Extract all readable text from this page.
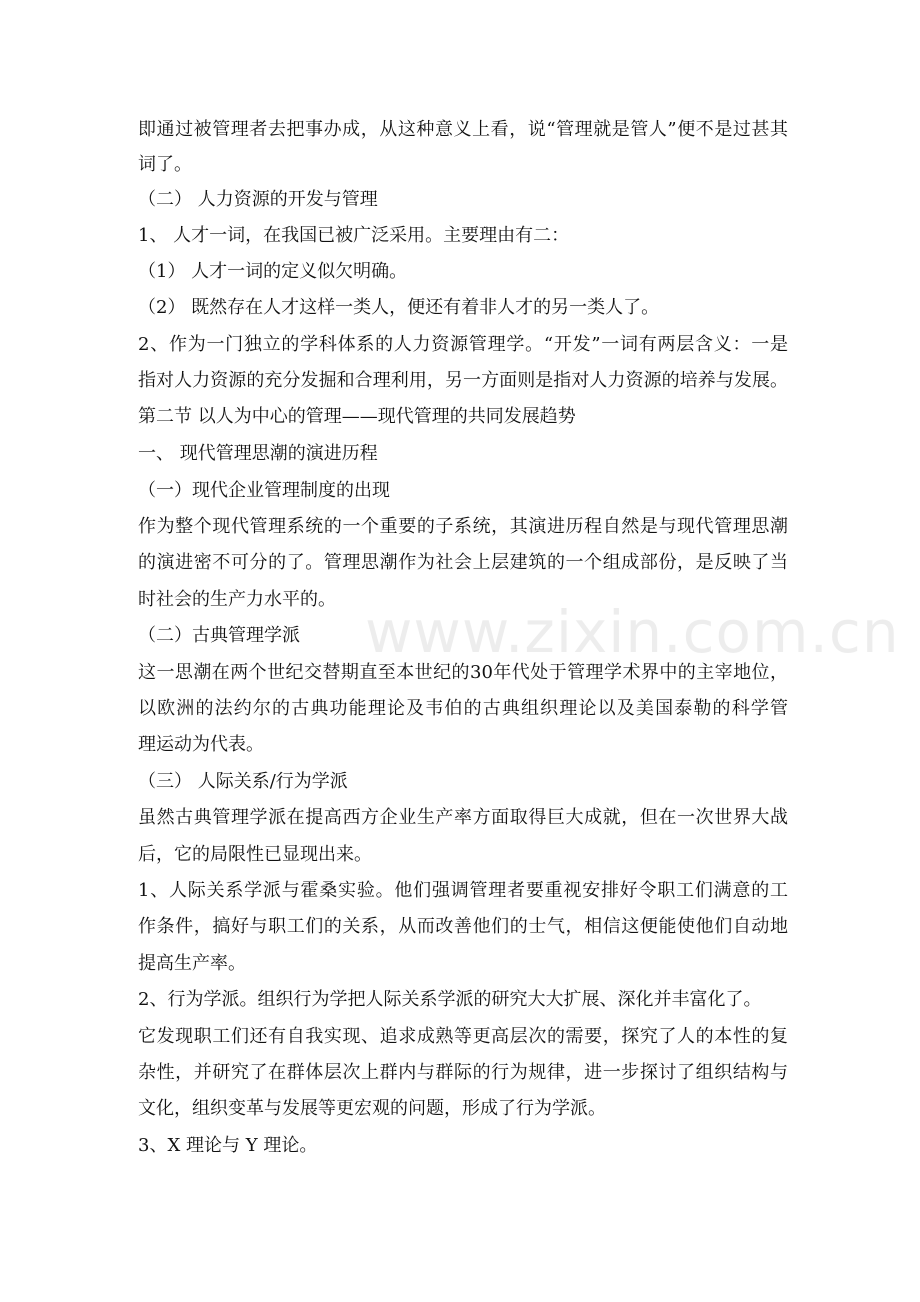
www.zixin.com.cn
即通过被管理者去把事办成，从这种意义上看，说“管理就是管人”便不是过甚其
词了。
（二） 人力资源的开发与管理
1、 人才一词，在我国已被广泛采用。主要理由有二：
（1） 人才一词的定义似欠明确。
（2） 既然存在人才这样一类人，便还有着非人才的另一类人了。
2、作为一门独立的学科体系的人力资源管理学。“开发”一词有两层含义：一是
指对人力资源的充分发掘和合理利用，另一方面则是指对人力资源的培养与发展。
第二节 以人为中心的管理——现代管理的共同发展趋势
一、 现代管理思潮的演进历程
（一）现代企业管理制度的出现
作为整个现代管理系统的一个重要的子系统，其演进历程自然是与现代管理思潮
的演进密不可分的了。管理思潮作为社会上层建筑的一个组成部份，是反映了当
时社会的生产力水平的。
（二）古典管理学派
这一思潮在两个世纪交替期直至本世纪的30年代处于管理学术界中的主宰地位，
以欧洲的法约尔的古典功能理论及韦伯的古典组织理论以及美国泰勒的科学管
理运动为代表。
（三） 人际关系/行为学派
虽然古典管理学派在提高西方企业生产率方面取得巨大成就，但在一次世界大战
后，它的局限性已显现出来。
1、人际关系学派与霍桑实验。他们强调管理者要重视安排好令职工们满意的工
作条件，搞好与职工们的关系，从而改善他们的士气，相信这便能使他们自动地
提高生产率。
2、行为学派。组织行为学把人际关系学派的研究大大扩展、深化并丰富化了。
它发现职工们还有自我实现、追求成熟等更高层次的需要，探究了人的本性的复
杂性，并研究了在群体层次上群内与群际的行为规律，进一步探讨了组织结构与
文化，组织变革与发展等更宏观的问题，形成了行为学派。
3、X 理论与 Y 理论。
